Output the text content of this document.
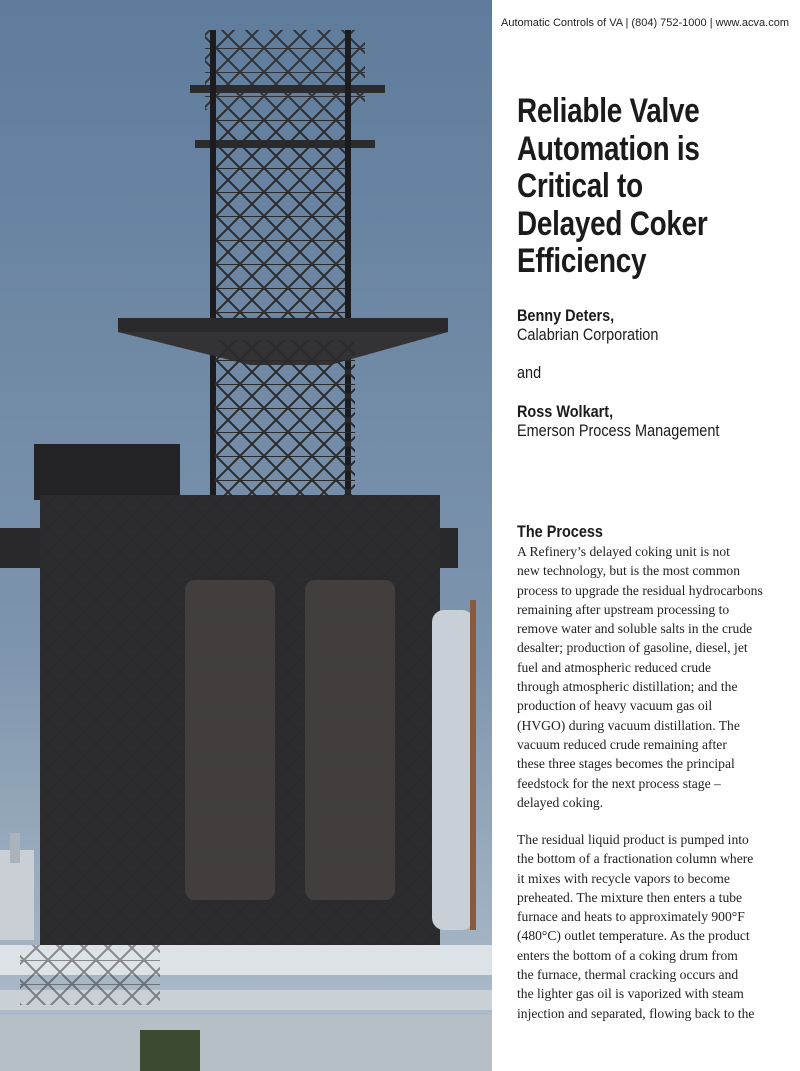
Automatic Controls of VA | (804) 752-1000 | www.acva.com
Reliable Valve
Automation is
Critical to
Delayed Coker
Efficiency
Benny Deters,
Calabrian Corporation
and
Ross Wolkart,
Emerson Process Management
The Process
A Refinery’s delayed coking unit is not
new technology, but is the most common
process to upgrade the residual hydrocarbons
remaining after upstream processing to
remove water and soluble salts in the crude
desalter; production of gasoline, diesel, jet
fuel and atmospheric reduced crude
through atmospheric distillation; and the
production of heavy vacuum gas oil
(HVGO) during vacuum distillation. The
vacuum reduced crude remaining after
these three stages becomes the principal
feedstock for the next process stage –
delayed coking.
The residual liquid product is pumped into
the bottom of a fractionation column where
it mixes with recycle vapors to become
preheated. The mixture then enters a tube
furnace and heats to approximately 900°F
(480°C) outlet temperature. As the product
enters the bottom of a coking drum from
the furnace, thermal cracking occurs and
the lighter gas oil is vaporized with steam
injection and separated, flowing back to the
